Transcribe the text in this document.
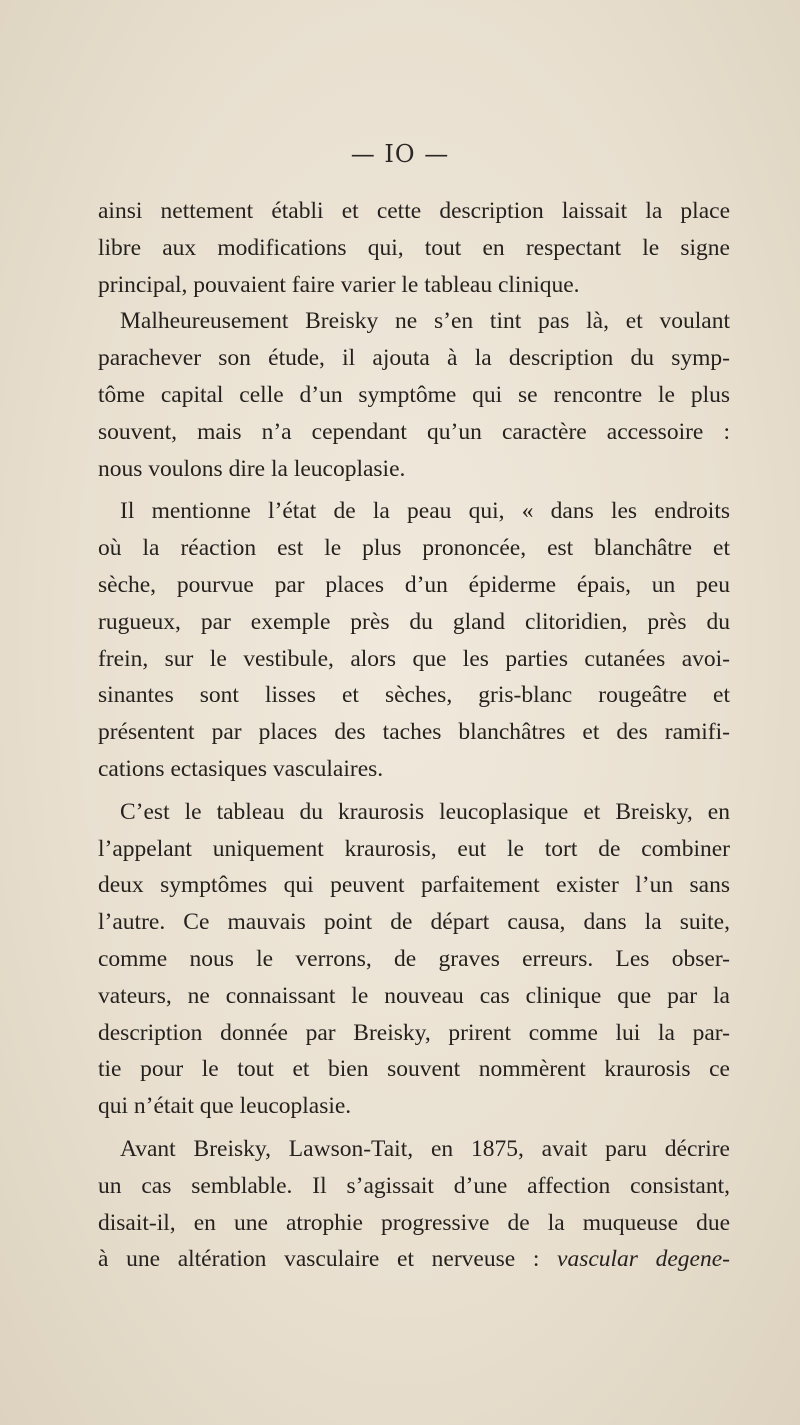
— IO —
ainsi nettement établi et cette description laissait la place
libre aux modifications qui, tout en respectant le signe
principal, pouvaient faire varier le tableau clinique.
Malheureusement Breisky ne s’en tint pas là, et voulant
parachever son étude, il ajouta à la description du symp-
tôme capital celle d’un symptôme qui se rencontre le plus
souvent, mais n’a cependant qu’un caractère accessoire :
nous voulons dire la leucoplasie.
Il mentionne l’état de la peau qui, « dans les endroits
où la réaction est le plus prononcée, est blanchâtre et
sèche, pourvue par places d’un épiderme épais, un peu
rugueux, par exemple près du gland clitoridien, près du
frein, sur le vestibule, alors que les parties cutanées avoi-
sinantes sont lisses et sèches, gris-blanc rougeâtre et
présentent par places des taches blanchâtres et des ramifi-
cations ectasiques vasculaires.
C’est le tableau du kraurosis leucoplasique et Breisky, en
l’appelant uniquement kraurosis, eut le tort de combiner
deux symptômes qui peuvent parfaitement exister l’un sans
l’autre. Ce mauvais point de départ causa, dans la suite,
comme nous le verrons, de graves erreurs. Les obser-
vateurs, ne connaissant le nouveau cas clinique que par la
description donnée par Breisky, prirent comme lui la par-
tie pour le tout et bien souvent nommèrent kraurosis ce
qui n’était que leucoplasie.
Avant Breisky, Lawson-Tait, en 1875, avait paru décrire
un cas semblable. Il s’agissait d’une affection consistant,
disait-il, en une atrophie progressive de la muqueuse due
à une altération vasculaire et nerveuse : vascular degene-
